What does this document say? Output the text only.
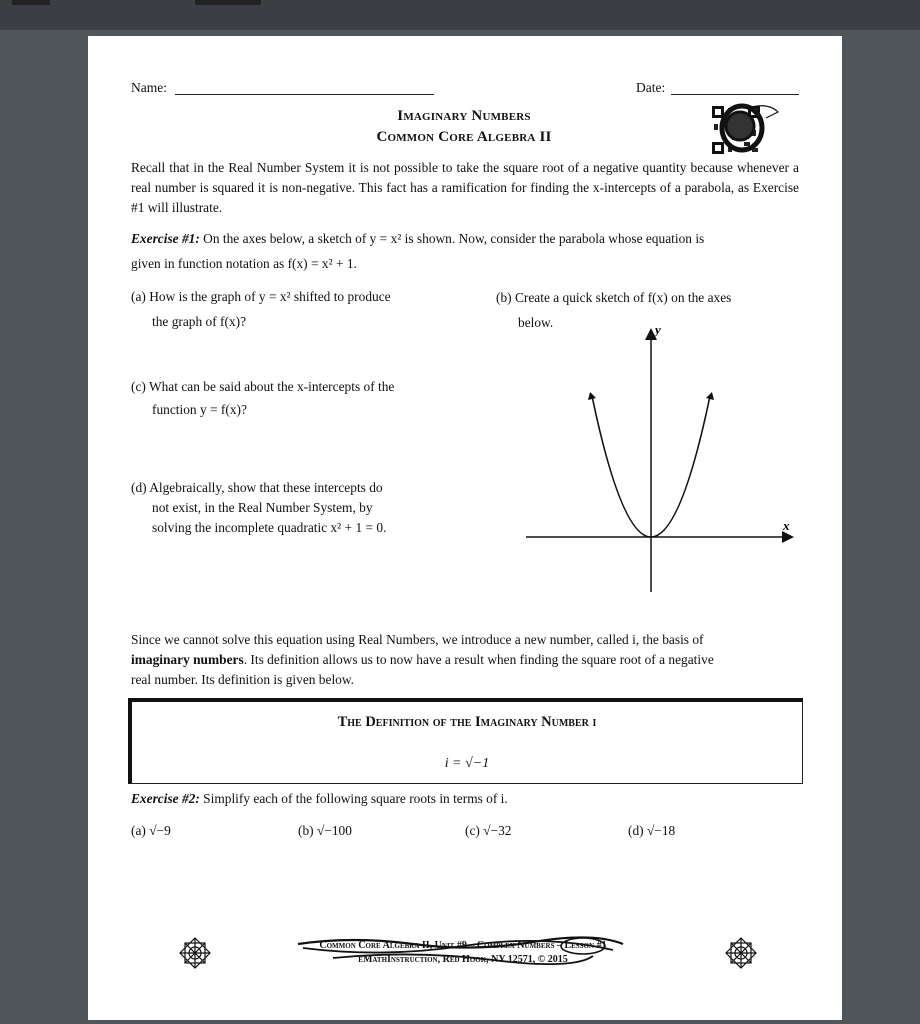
Name:	Date:
Imaginary Numbers
Common Core Algebra II
Recall that in the Real Number System it is not possible to take the square root of a negative quantity because whenever a real number is squared it is non-negative. This fact has a ramification for finding the x-intercepts of a parabola, as Exercise #1 will illustrate.
Exercise #1: On the axes below, a sketch of y = x² is shown. Now, consider the parabola whose equation is
given in function notation as f(x) = x² + 1.
(a) How is the graph of y = x² shifted to produce
the graph of f(x)?
(b) Create a quick sketch of f(x) on the axes
below.
(c) What can be said about the x-intercepts of the
function y = f(x)?
(d) Algebraically, show that these intercepts do
not exist, in the Real Number System, by
solving the incomplete quadratic x² + 1 = 0.	x
y
Since we cannot solve this equation using Real Numbers, we introduce a new number, called i, the basis of
imaginary numbers. Its definition allows us to now have a result when finding the square root of a negative
real number. Its definition is given below.
The Definition of the Imaginary Number i
i = √−1
Exercise #2: Simplify each of the following square roots in terms of i.
(a) √−9	(b) √−100	(c) √−32	(d) √−18
Common Core Algebra II, Unit #9 – Complex Numbers – Lesson #1
eMathInstruction, Red Hook, NY 12571, © 2015
